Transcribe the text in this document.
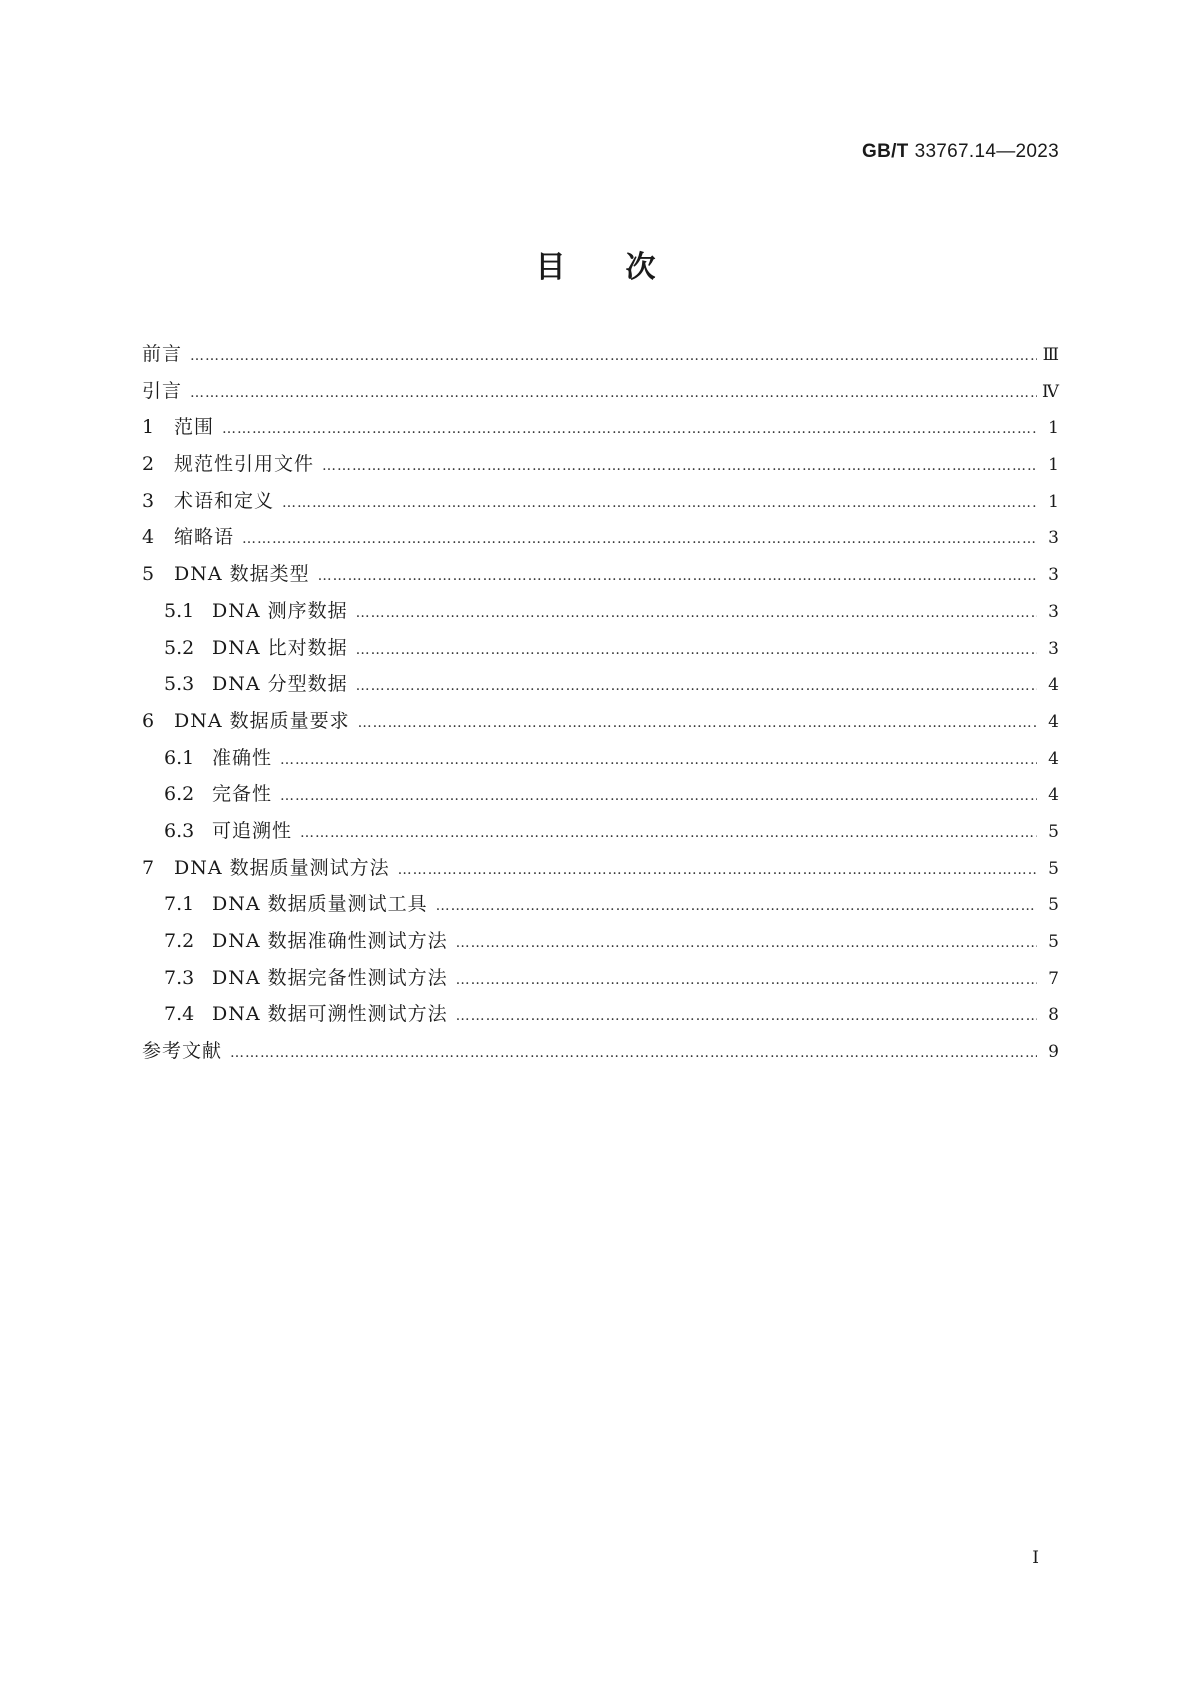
GB/T 33767.14—2023
目次
前言 …………………………………………………………………………………………………………………………………………………………………………………………………………………………	Ⅲ
引言 …………………………………………………………………………………………………………………………………………………………………………………………………………………………	Ⅳ
1	范围 …………………………………………………………………………………………………………………………………………………………………………………………………………………………	1
2	规范性引用文件 …………………………………………………………………………………………………………………………………………………………………………………………………………………………	1
3	术语和定义 …………………………………………………………………………………………………………………………………………………………………………………………………………………………	1
4	缩略语 …………………………………………………………………………………………………………………………………………………………………………………………………………………………	3
5	DNA 数据类型 …………………………………………………………………………………………………………………………………………………………………………………………………………………………	3
5.1 DNA 测序数据 …………………………………………………………………………………………………………………………………………………………………………………………………………………………	3
5.2 DNA 比对数据 …………………………………………………………………………………………………………………………………………………………………………………………………………………………	3
5.3 DNA 分型数据 …………………………………………………………………………………………………………………………………………………………………………………………………………………………	4
6	DNA 数据质量要求 …………………………………………………………………………………………………………………………………………………………………………………………………………………………	4
6.1 准确性 …………………………………………………………………………………………………………………………………………………………………………………………………………………………	4
6.2 完备性 …………………………………………………………………………………………………………………………………………………………………………………………………………………………	4
6.3 可追溯性 …………………………………………………………………………………………………………………………………………………………………………………………………………………………	5
7	DNA 数据质量测试方法 …………………………………………………………………………………………………………………………………………………………………………………………………………………………	5
7.1 DNA 数据质量测试工具 …………………………………………………………………………………………………………………………………………………………………………………………………………………………	5
7.2 DNA 数据准确性测试方法 …………………………………………………………………………………………………………………………………………………………………………………………………………………………	5
7.3 DNA 数据完备性测试方法 …………………………………………………………………………………………………………………………………………………………………………………………………………………………	7
7.4 DNA 数据可溯性测试方法 …………………………………………………………………………………………………………………………………………………………………………………………………………………………	8
参考文献 …………………………………………………………………………………………………………………………………………………………………………………………………………………………	9
I
